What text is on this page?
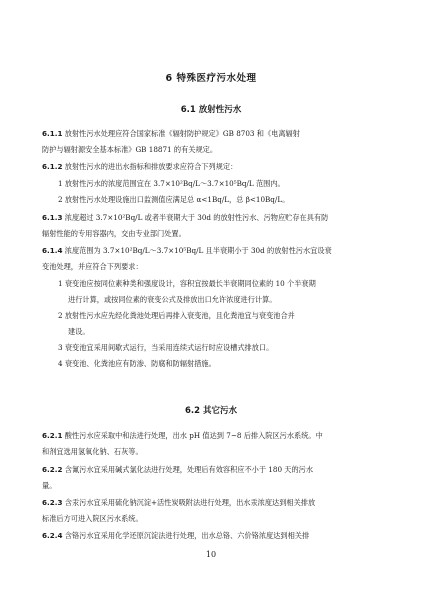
6 特殊医疗污水处理
6.1 放射性污水
6.1.1 放射性污水处理应符合国家标准《辐射防护规定》GB 8703 和《电离辐射
防护与辐射源安全基本标准》GB 18871 的有关规定。
6.1.2 放射性污水的进出水指标和排放要求应符合下列规定：
1 放射性污水的浓度范围宜在 3.7×10²Bq/L～3.7×10⁵Bq/L 范围内。
2 放射性污水处理设施出口监测值应满足总 α<1Bq/L，总 β<10Bq/L。
6.1.3 浓度超过 3.7×10²Bq/L 或者半衰期大于 30d 的放射性污水、污物应贮存在具有防
辐射性能的专用容器内，交由专业部门处置。
6.1.4 浓度范围为 3.7×10²Bq/L～3.7×10⁵Bq/L 且半衰期小于 30d 的放射性污水宜设衰
变池处理，并应符合下列要求：
1 衰变池应按同位素种类和强度设计，容积宜按最长半衰期同位素的 10 个半衰期
进行计算，或按同位素的衰变公式及排放出口允许浓度进行计算。
2 放射性污水应先经化粪池处理后再排入衰变池，且化粪池宜与衰变池合并
建设。
3 衰变池宜采用间歇式运行，当采用连续式运行时应设槽式排放口。
4 衰变池、化粪池应有防渗、防腐和防辐射措施。
6.2 其它污水
6.2.1 酸性污水应采取中和法进行处理，出水 pH 值达到 7~8 后排入院区污水系统。中
和剂宜选用氢氧化钠、石灰等。
6.2.2 含氰污水宜采用碱式氯化法进行处理，处理后有效容积应不小于 180 天的污水
量。
6.2.3 含汞污水宜采用硫化钠沉淀+活性炭吸附法进行处理，出水汞浓度达到相关排放
标准后方可进入院区污水系统。
6.2.4 含铬污水宜采用化学还原沉淀法进行处理，出水总铬、六价铬浓度达到相关排
10
